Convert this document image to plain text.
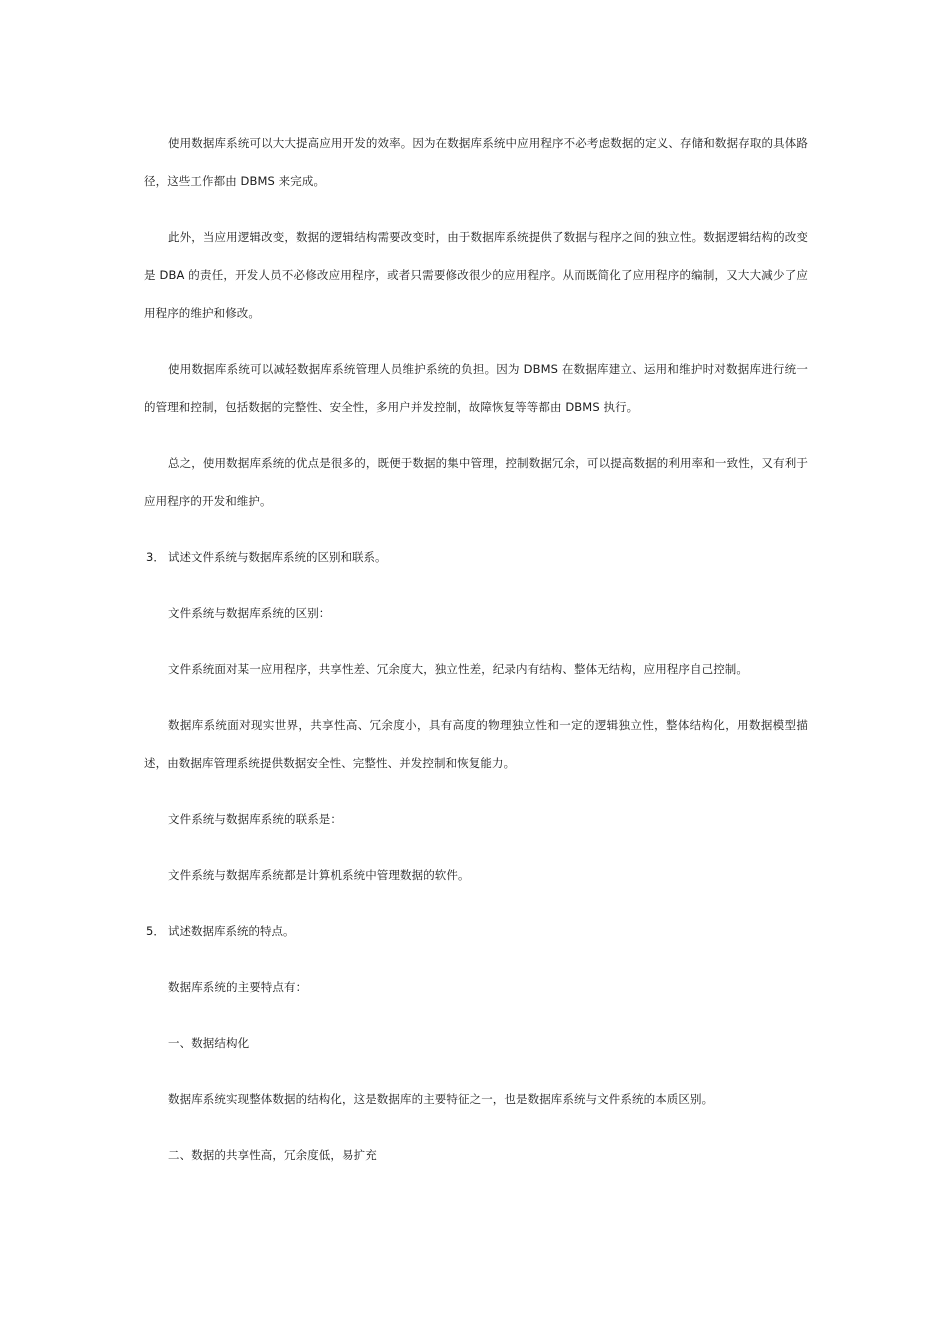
使用数据库系统可以大大提高应用开发的效率。因为在数据库系统中应用程序不必考虑数据的定义、存储和数据存取的具体路径，这些工作都由 DBMS 来完成。

此外，当应用逻辑改变，数据的逻辑结构需要改变时，由于数据库系统提供了数据与程序之间的独立性。数据逻辑结构的改变是 DBA 的责任，开发人员不必修改应用程序，或者只需要修改很少的应用程序。从而既简化了应用程序的编制，又大大减少了应用程序的维护和修改。

使用数据库系统可以减轻数据库系统管理人员维护系统的负担。因为 DBMS 在数据库建立、运用和维护时对数据库进行统一的管理和控制，包括数据的完整性、安全性，多用户并发控制，故障恢复等等都由 DBMS 执行。

总之，使用数据库系统的优点是很多的，既便于数据的集中管理，控制数据冗余，可以提高数据的利用率和一致性，又有利于应用程序的开发和维护。

3． 试述文件系统与数据库系统的区别和联系。

文件系统与数据库系统的区别：

文件系统面对某一应用程序，共享性差、冗余度大，独立性差，纪录内有结构、整体无结构，应用程序自己控制。

数据库系统面对现实世界，共享性高、冗余度小，具有高度的物理独立性和一定的逻辑独立性，整体结构化，用数据模型描述，由数据库管理系统提供数据安全性、完整性、并发控制和恢复能力。

文件系统与数据库系统的联系是：

文件系统与数据库系统都是计算机系统中管理数据的软件。

5． 试述数据库系统的特点。

数据库系统的主要特点有：

一、数据结构化

数据库系统实现整体数据的结构化，这是数据库的主要特征之一，也是数据库系统与文件系统的本质区别。

二、数据的共享性高，冗余度低，易扩充
